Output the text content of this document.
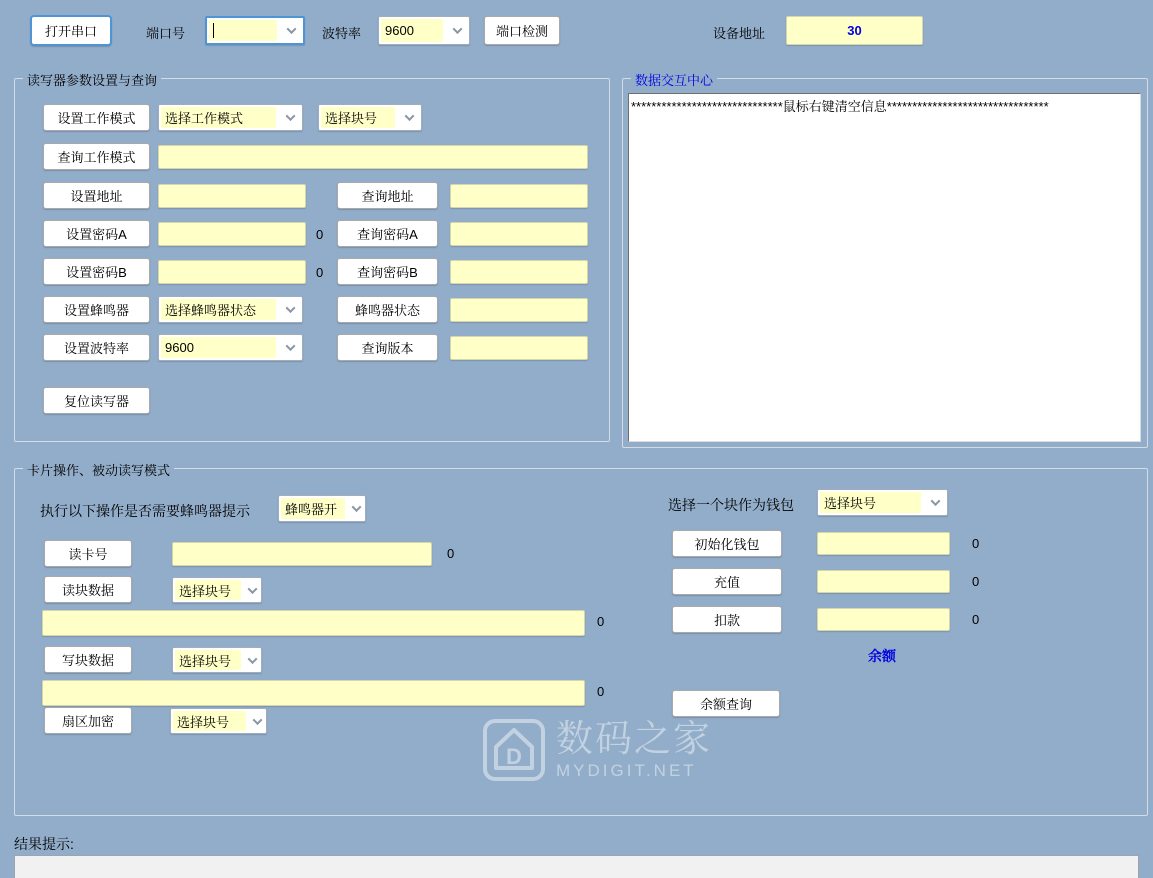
打开串口	端口号	波特率	9600	端口检测	设备地址	30
读写器参数设置与查询
设置工作模式	选择工作模式	选择块号
查询工作模式
设置地址	查询地址
设置密码A	0	查询密码A
设置密码B	0	查询密码B
设置蜂鸣器	选择蜂鸣器状态	蜂鸣器状态
设置波特率	9600	查询版本
复位读写器
数据交互中心
******************************鼠标右键清空信息********************************
卡片操作、被动读写模式
执行以下操作是否需要蜂鸣器提示	蜂鸣器开
读卡号	0
读块数据	选择块号
0
写块数据	选择块号
0
扇区加密	选择块号
选择一个块作为钱包	选择块号
初始化钱包	0
充值	0
扣款	0
余额
余额查询
D 数码之家
MYDIGIT.NET
结果提示:
